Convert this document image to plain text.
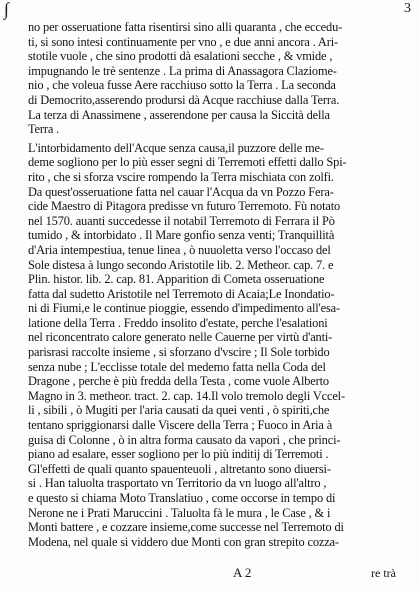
∫	3
no per osseruatione fatta risentirsi sino alli quaranta , che eccedu-
ti, si sono intesi continuamente per vno , e due anni ancora . Ari-
stotile vuole , che sino prodotti dà esalationi secche , & vmide ,
impugnando le trè sentenze . La prima di Anassagora Claziome-
nio , che voleua fusse Aere racchiuso sotto la Terra . La seconda
di Democrito,asserendo prodursi dà Acque racchiuse dalla Terra.
La terza di Anassimene , asserendone per causa la Siccità della
Terra .
L'intorbidamento dell'Acque senza causa,il puzzore delle me-
deme sogliono per lo più esser segni di Terremoti effetti dallo Spi-
rito , che si sforza vscire rompendo la Terra mischiata con zolfi.
Da quest'osseruatione fatta nel cauar l'Acqua da vn Pozzo Fera-
cide Maestro di Pitagora predisse vn futuro Terremoto. Fù notato
nel 1570. auanti succedesse il notabil Terremoto di Ferrara il Pò
tumido , & intorbidato . Il Mare gonfio senza venti; Tranquillità
d'Aria intempestiua, tenue linea , ò nuuoletta verso l'occaso del
Sole distesa à lungo secondo Aristotile lib. 2. Metheor. cap. 7. e
Plin. histor. lib. 2. cap. 81. Apparition di Cometa osseruatione
fatta dal sudetto Aristotile nel Terremoto di Acaia;Le Inondatio-
ni di Fiumi,e le continue pioggie, essendo d'impedimento all'esa-
latione della Terra . Freddo insolito d'estate, perche l'esalationi
nel riconcentrato calore generato nelle Cauerne per virtù d'anti-
parisrasi raccolte insieme , si sforzano d'vscire ; Il Sole torbido
senza nube ; L'ecclisse totale del medemo fatta nella Coda del
Dragone , perche è più fredda della Testa , come vuole Alberto
Magno in 3. metheor. tract. 2. cap. 14.Il volo tremolo degli Vccel-
li , sibili , ò Mugiti per l'aria causati da quei venti , ò spiriti,che
tentano spriggionarsi dalle Viscere della Terra ; Fuoco in Aria à
guisa di Colonne , ò in altra forma causato da vapori , che princi-
piano ad esalare, esser sogliono per lo più inditij di Terremoti .
Gl'effetti de quali quanto spauenteuoli , altretanto sono diuersi-
si . Han taluolta trasportato vn Territorio da vn luogo all'altro ,
e questo si chiama Moto Translatiuo , come occorse in tempo di
Nerone ne i Prati Maruccini . Taluolta fà le mura , le Case , & i
Monti battere , e cozzare insieme,come successe nel Terremoto di
Modena, nel quale si viddero due Monti con gran strepito cozza-
A 2	re trà
